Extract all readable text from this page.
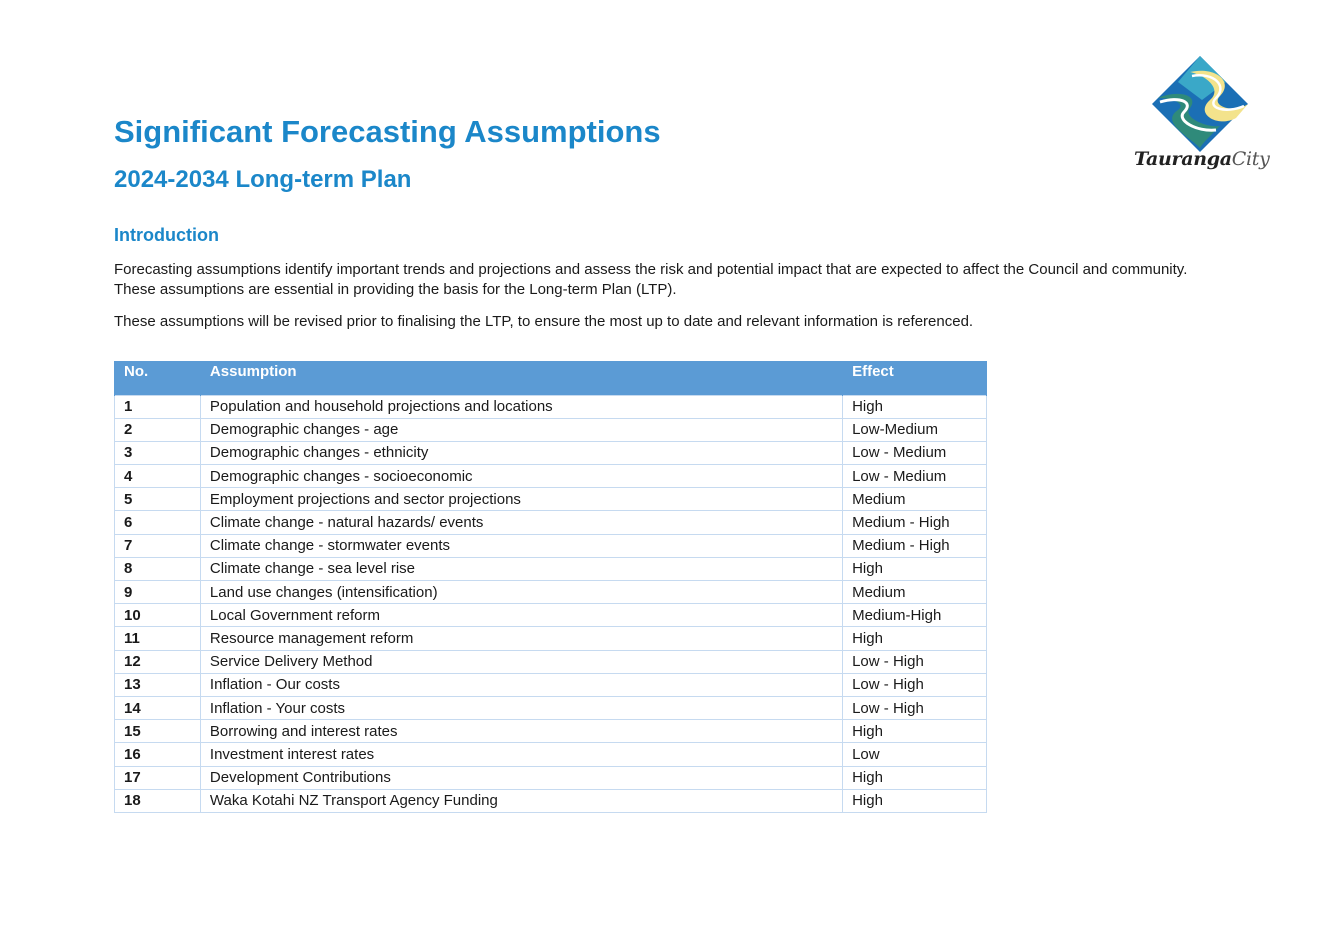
Significant Forecasting Assumptions
2024-2034 Long-term Plan
TaurangaCity
Introduction

Forecasting assumptions identify important trends and projections and assess the risk and potential impact that are expected to affect the Council and community. These assumptions are essential in providing the basis for the Long-term Plan (LTP).

These assumptions will be revised prior to finalising the LTP, to ensure the most up to date and relevant information is referenced.

No.	Assumption	Effect
1	Population and household projections and locations	High
2	Demographic changes - age	Low-Medium
3	Demographic changes - ethnicity	Low - Medium
4	Demographic changes - socioeconomic	Low - Medium
5	Employment projections and sector projections	Medium
6	Climate change - natural hazards/ events	Medium - High
7	Climate change - stormwater events	Medium - High
8	Climate change - sea level rise	High
9	Land use changes (intensification)	Medium
10	Local Government reform	Medium-High
11	Resource management reform	High
12	Service Delivery Method	Low - High
13	Inflation - Our costs	Low - High
14	Inflation - Your costs	Low - High
15	Borrowing and interest rates	High
16	Investment interest rates	Low
17	Development Contributions	High
18	Waka Kotahi NZ Transport Agency Funding	High
